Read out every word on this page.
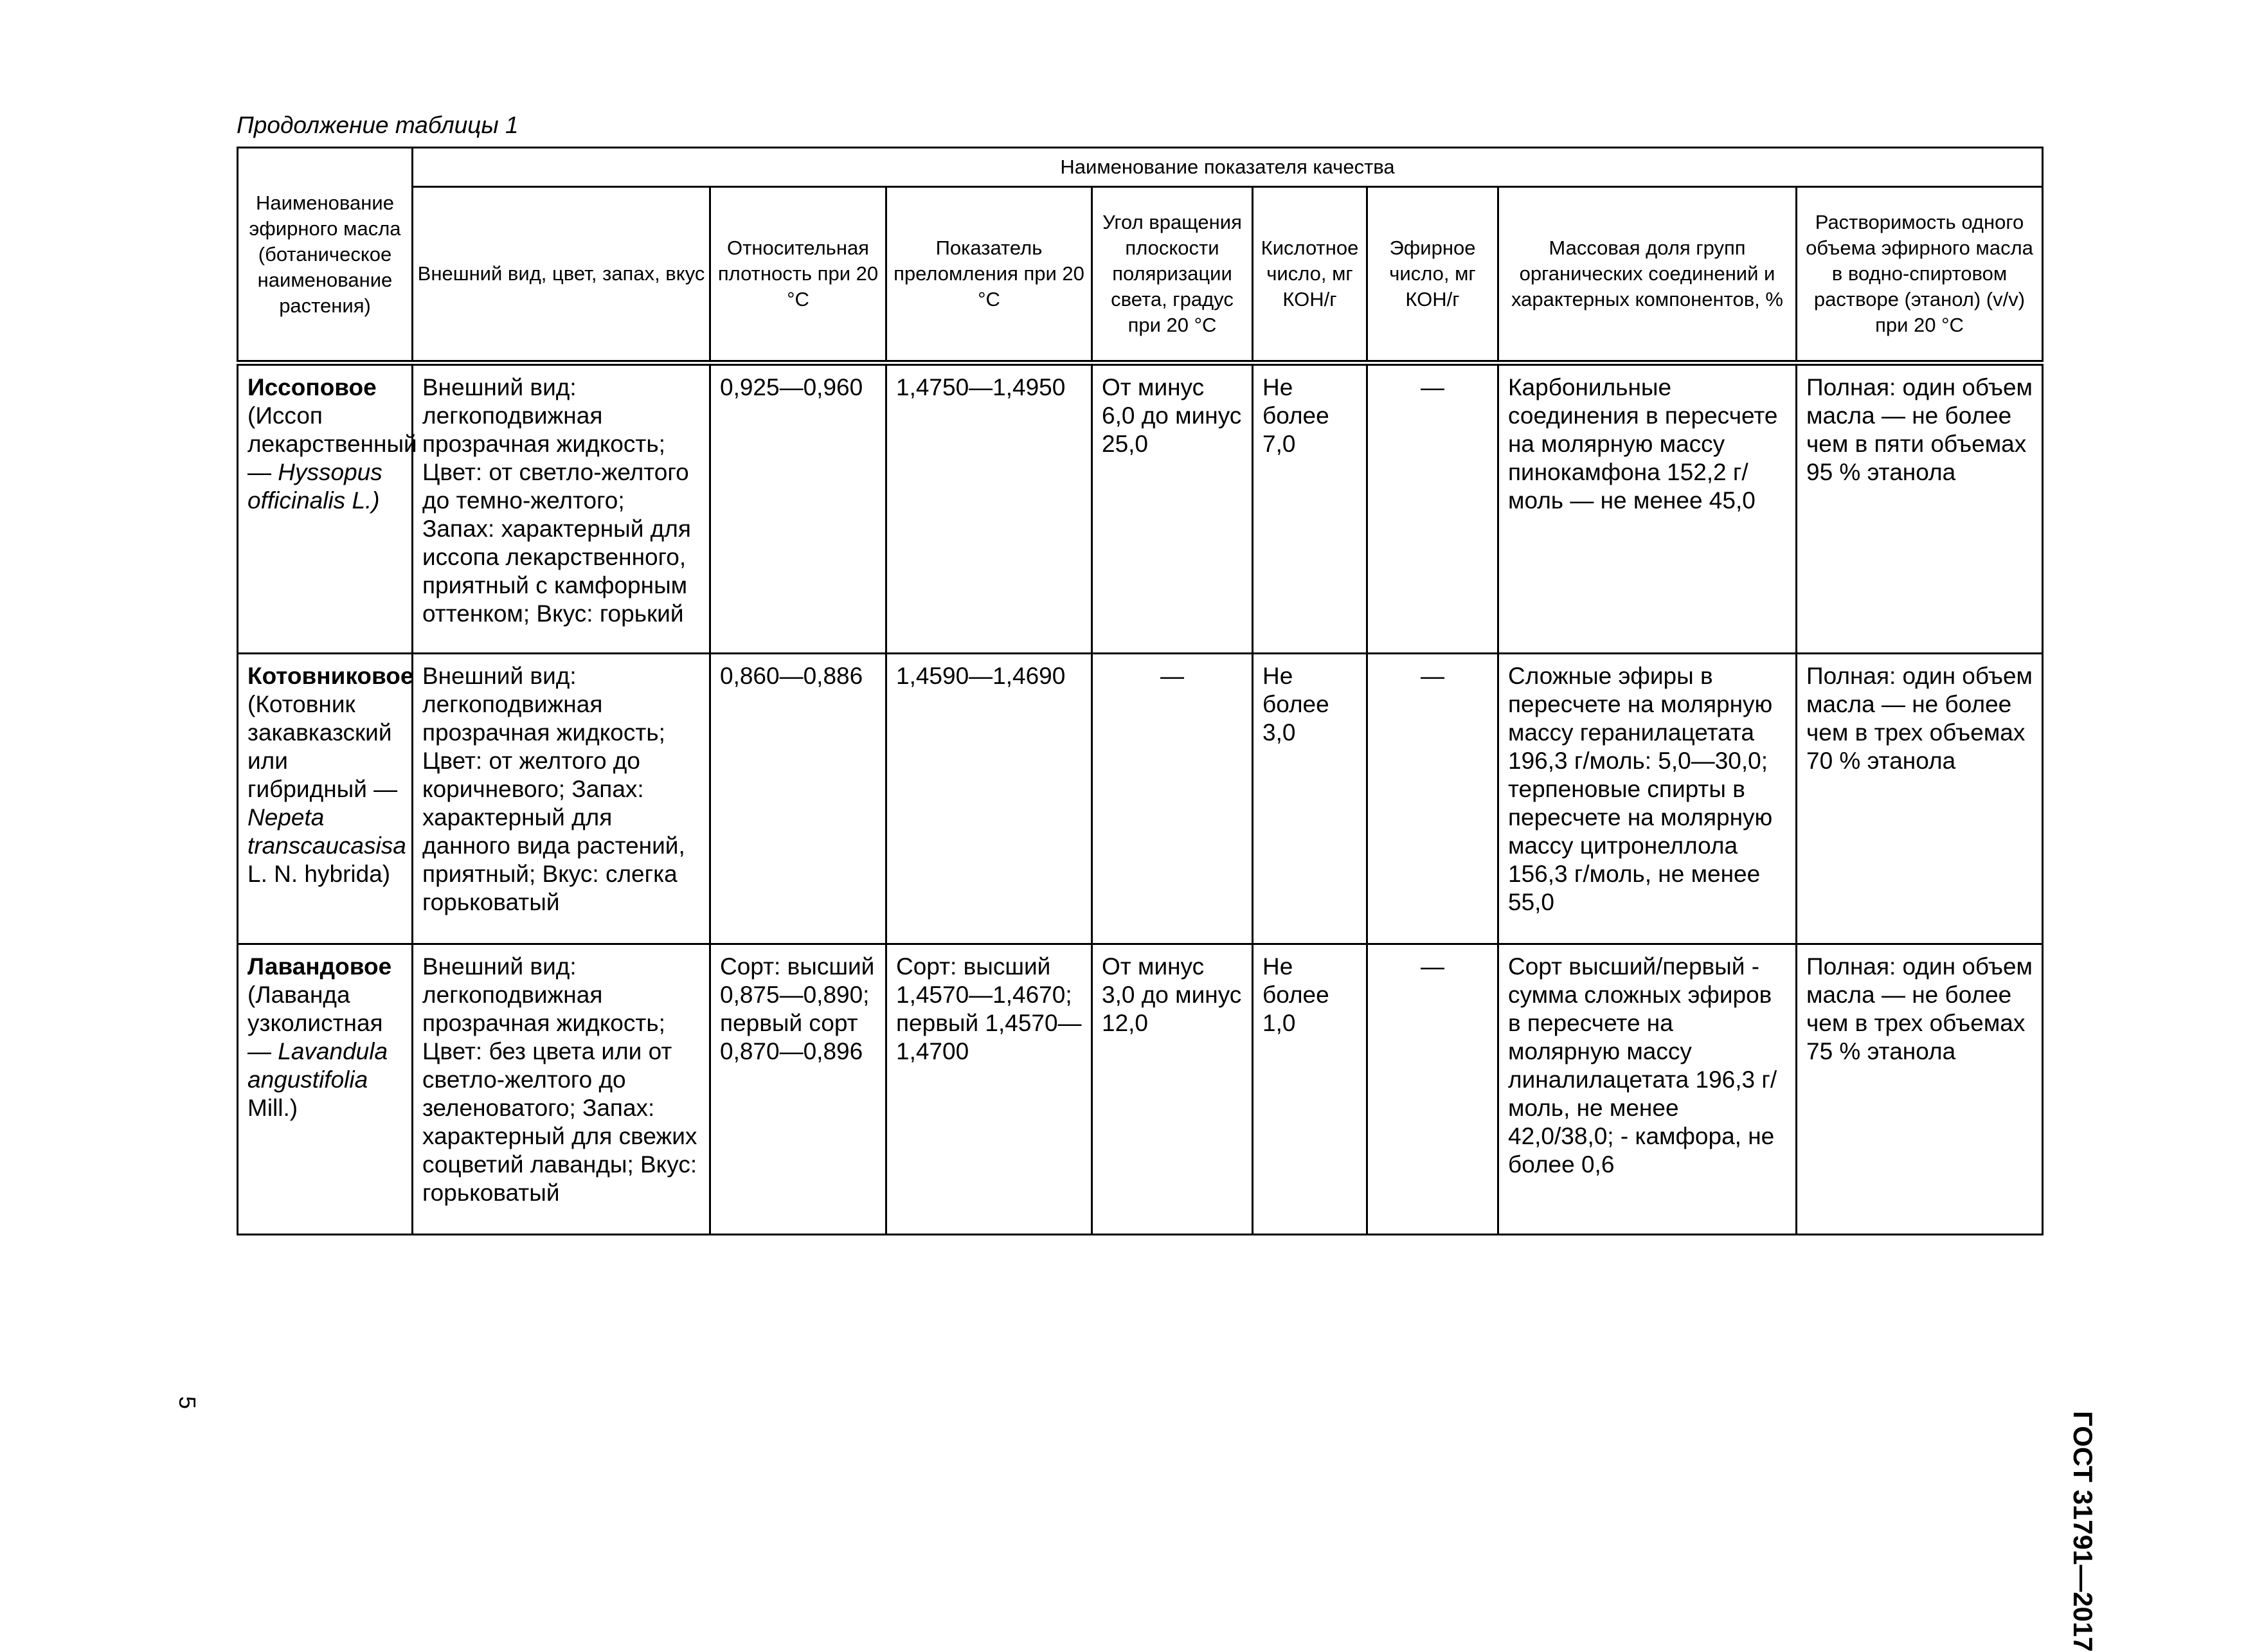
Продолжение таблицы 1
Наименование эфирного масла (ботаническое наименование растения)	Наименование показателя качества							
	Внешний вид, цвет, запах, вкус	Относительная плотность при 20 °С	Показатель преломления при 20 °С	Угол вращения плоскости поляризации света, градус при 20 °С	Кислотное число, мг КОН/г	Эфирное число, мг КОН/г	Массовая доля групп органических соединений и характерных компонентов, %	Растворимость одного объема эфирного масла в водно-спиртовом растворе (этанол) (v/v) при 20 °С
Иссоповое (Иссоп лекарственный — Hyssopus officinalis L.)	Внешний вид: легкоподвижная прозрачная жидкость; Цвет: от светло-желтого до темно-желтого; Запах: характерный для иссопа лекарственного, приятный с камфорным оттенком; Вкус: горький	0,925—0,960	1,4750—1,4950	От минус 6,0 до минус 25,0	Не более 7,0	—	Карбонильные соединения в пересчете на молярную массу пинокамфона 152,2 г/моль — не менее 45,0	Полная: один объем масла — не более чем в пяти объемах 95 % этанола
Котовниковое (Котовник закавказский или гибридный — Nepeta transcaucasisa L. N. hybrida)	Внешний вид: легкоподвижная прозрачная жидкость; Цвет: от желтого до коричневого; Запах: характерный для данного вида растений, приятный; Вкус: слегка горьковатый	0,860—0,886	1,4590—1,4690	—	Не более 3,0	—	Сложные эфиры в пересчете на молярную массу геранилацетата 196,3 г/моль: 5,0—30,0; терпеновые спирты в пересчете на молярную массу цитронеллола 156,3 г/моль, не менее 55,0	Полная: один объем масла — не более чем в трех объемах 70 % этанола
Лавандовое (Лаванда узколистная — Lavandula angustifolia Mill.)	Внешний вид: легкоподвижная прозрачная жидкость; Цвет: без цвета или от светло-желтого до зеленоватого; Запах: характерный для свежих соцветий лаванды; Вкус: горьковатый	Сорт: высший 0,875—0,890; первый сорт 0,870—0,896	Сорт: высший 1,4570—1,4670; первый 1,4570—1,4700	От минус 3,0 до минус 12,0	Не более 1,0	—	Сорт высший/первый - сумма сложных эфиров в пересчете на молярную массу линалилацетата 196,3 г/моль, не менее 42,0/38,0; - камфора, не более 0,6	Полная: один объем масла — не более чем в трех объемах 75 % этанола
ГОСТ 31791—2017
5
